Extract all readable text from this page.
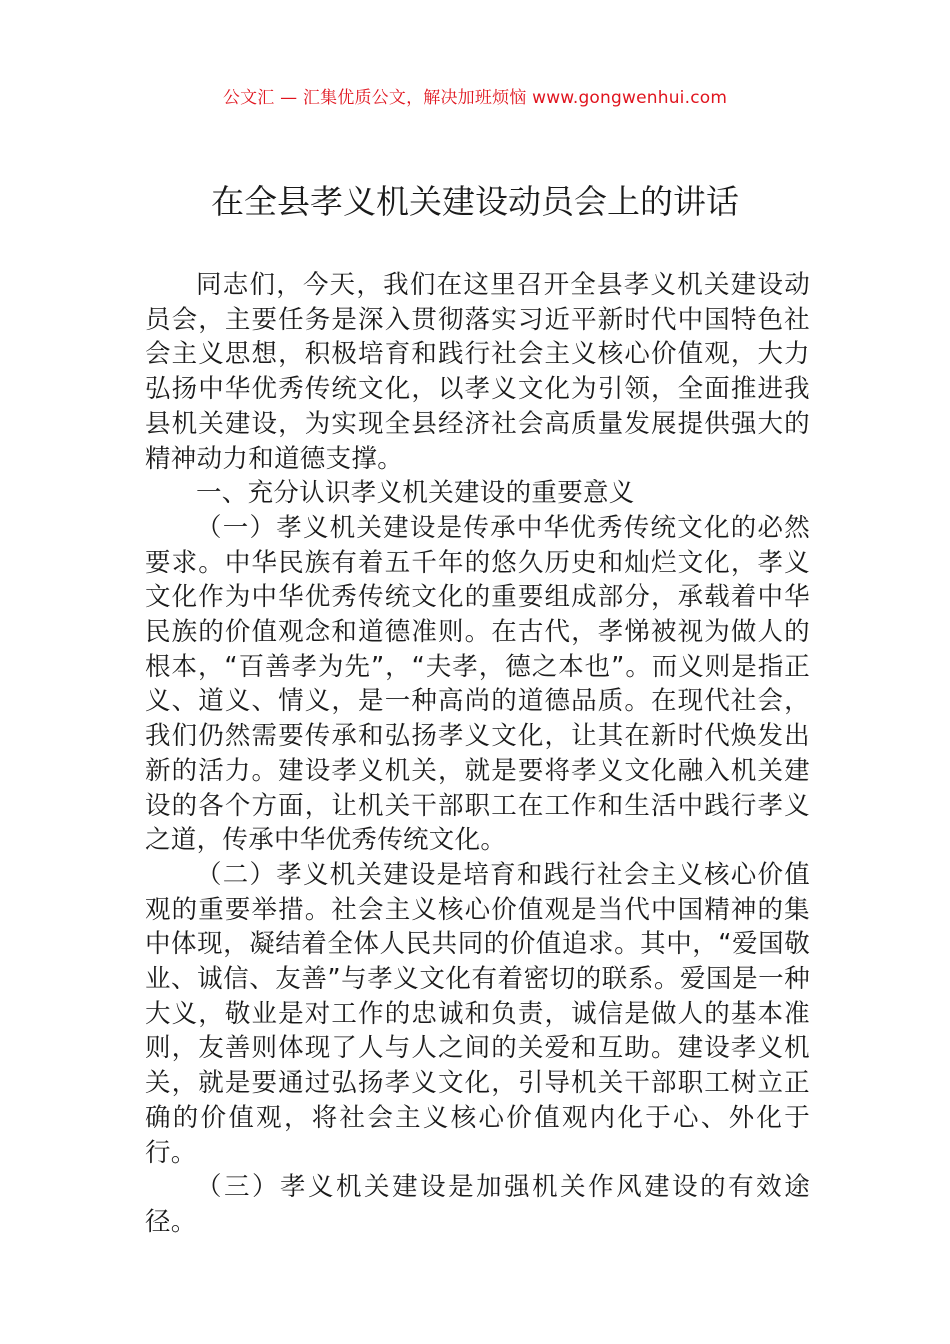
公文汇 — 汇集优质公文，解决加班烦恼 www.gongwenhui.com
在全县孝义机关建设动员会上的讲话

同志们，今天，我们在这里召开全县孝义机关建设动员会，主要任务是深入贯彻落实习近平新时代中国特色社会主义思想，积极培育和践行社会主义核心价值观，大力弘扬中华优秀传统文化，以孝义文化为引领，全面推进我县机关建设，为实现全县经济社会高质量发展提供强大的精神动力和道德支撑。

一、充分认识孝义机关建设的重要意义

（一）孝义机关建设是传承中华优秀传统文化的必然要求。中华民族有着五千年的悠久历史和灿烂文化，孝义文化作为中华优秀传统文化的重要组成部分，承载着中华民族的价值观念和道德准则。在古代，孝悌被视为做人的根本，“百善孝为先”，“夫孝，德之本也”。而义则是指正义、道义、情义，是一种高尚的道德品质。在现代社会，我们仍然需要传承和弘扬孝义文化，让其在新时代焕发出新的活力。建设孝义机关，就是要将孝义文化融入机关建设的各个方面，让机关干部职工在工作和生活中践行孝义之道，传承中华优秀传统文化。

（二）孝义机关建设是培育和践行社会主义核心价值观的重要举措。社会主义核心价值观是当代中国精神的集中体现，凝结着全体人民共同的价值追求。其中，“爱国敬业、诚信、友善”与孝义文化有着密切的联系。爱国是一种大义，敬业是对工作的忠诚和负责，诚信是做人的基本准则，友善则体现了人与人之间的关爱和互助。建设孝义机关，就是要通过弘扬孝义文化，引导机关干部职工树立正确的价值观，将社会主义核心价值观内化于心、外化于行。

（三）孝义机关建设是加强机关作风建设的有效途径。
